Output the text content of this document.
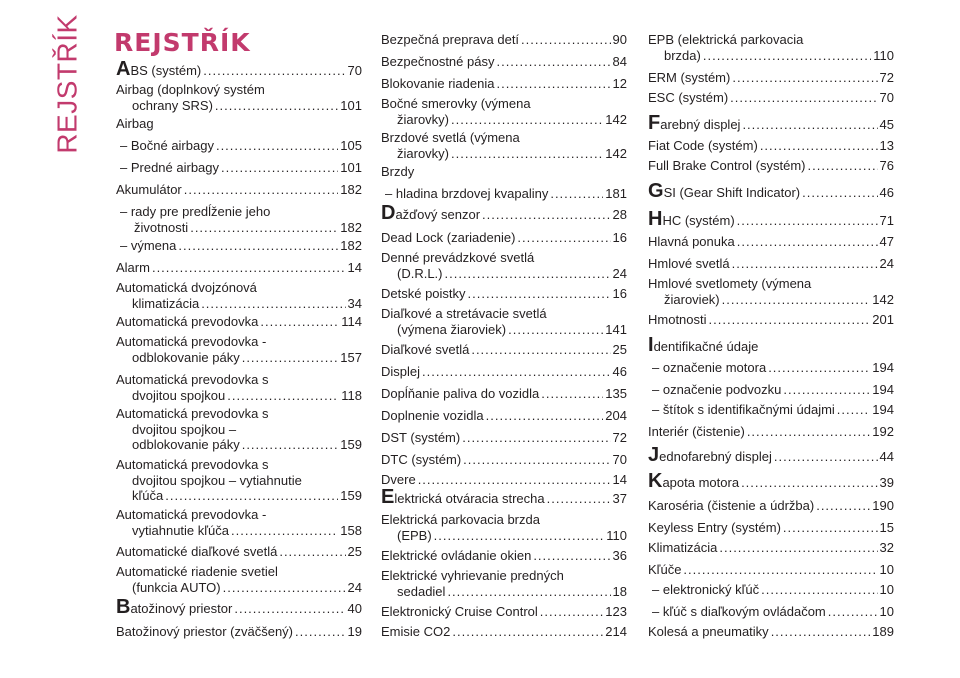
REJSTŘÍK REJSTŘÍK
ABS (systém) .....	70
Airbag (doplnkový systém
ochrany SRS) .....	101
Airbag
– Bočné airbagy .....	105
– Predné airbagy .....	101
Akumulátor .....	182
– rady pre predĺženie jeho
životnosti .....	182
– výmena .....	182
Alarm .....	14
Automatická dvojzónová
klimatizácia .....	34
Automatická prevodovka .....	114
Automatická prevodovka -
odblokovanie páky .....	157
Automatická prevodovka s
dvojitou spojkou .....	118
Automatická prevodovka s
dvojitou spojkou –
odblokovanie páky .....	159
Automatická prevodovka s
dvojitou spojkou – vytiahnutie
kľúča .....	159
Automatická prevodovka -
vytiahnutie kľúča .....	158
Automatické diaľkové svetlá .....	25
Automatické riadenie svetiel
(funkcia AUTO) .....	24
Batožinový priestor .....	40
Batožinový priestor (zväčšený) .....	19
Bezpečná preprava detí .....	90
Bezpečnostné pásy .....	84
Blokovanie riadenia .....	12
Bočné smerovky (výmena
žiarovky) .....	142
Brzdové svetlá (výmena
žiarovky) .....	142
Brzdy
– hladina brzdovej kvapaliny .....	181
Dažďový senzor .....	28
Dead Lock (zariadenie) .....	16
Denné prevádzkové svetlá
(D.R.L.) .....	24
Detské poistky .....	16
Diaľkové a stretávacie svetlá
(výmena žiaroviek) .....	141
Diaľkové svetlá .....	25
Displej .....	46
Dopĺňanie paliva do vozidla .....	135
Doplnenie vozidla .....	204
DST (systém) .....	72
DTC (systém) .....	70
Dvere .....	14
Elektrická otváracia strecha .....	37
Elektrická parkovacia brzda
(EPB) .....	110
Elektrické ovládanie okien .....	36
Elektrické vyhrievanie predných
sedadiel .....	18
Elektronický Cruise Control .....	123
Emisie CO2 .....	214
EPB (elektrická parkovacia
brzda) .....	110
ERM (systém) .....	72
ESC (systém) .....	70
Farebný displej .....	45
Fiat Code (systém) .....	13
Full Brake Control (systém) .....	76
GSI (Gear Shift Indicator) .....	46
HHC (systém) .....	71
Hlavná ponuka .....	47
Hmlové svetlá .....	24
Hmlové svetlomety (výmena
žiaroviek) .....	142
Hmotnosti .....	201
Identifikačné údaje
– označenie motora .....	194
– označenie podvozku .....	194
– štítok s identifikačnými údajmi .....	194
Interiér (čistenie) .....	192
Jednofarebný displej .....	44
Kapota motora .....	39
Karoséria (čistenie a údržba) .....	190
Keyless Entry (systém) .....	15
Klimatizácia .....	32
Kľúče .....	10
– elektronický kľúč .....	10
– kľúč s diaľkovým ovládačom .....	10
Kolesá a pneumatiky .....	189
